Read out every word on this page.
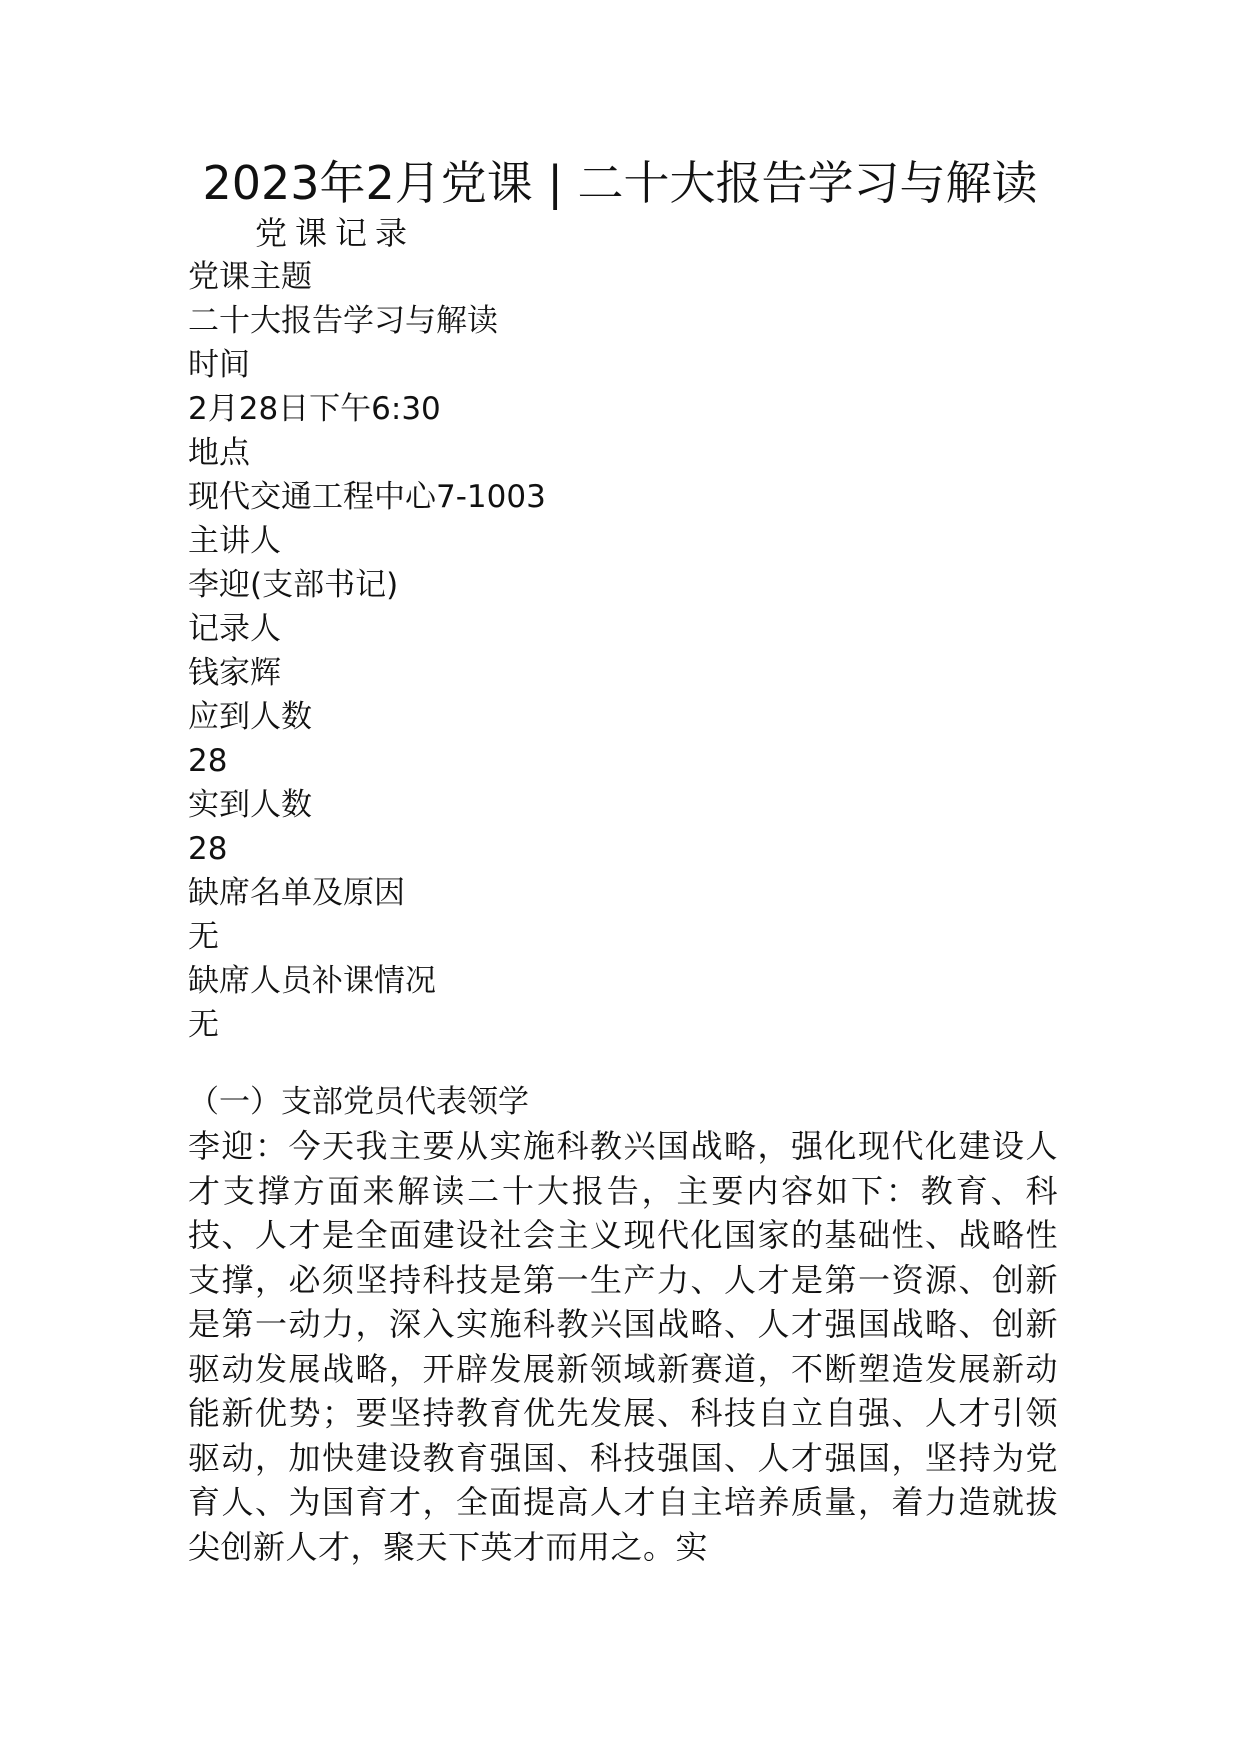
2023年2月党课 | 二十大报告学习与解读
党课记录
党课主题
二十大报告学习与解读
时间
2月28日下午6:30
地点
现代交通工程中心7-1003
主讲人
李迎(支部书记)
记录人
钱家辉
应到人数
28
实到人数
28
缺席名单及原因
无
缺席人员补课情况
无
（一）支部党员代表领学
李迎：今天我主要从实施科教兴国战略，强化现代化建设人才支撑方面来解读二十大报告，主要内容如下：教育、科技、人才是全面建设社会主义现代化国家的基础性、战略性支撑，必须坚持科技是第一生产力、人才是第一资源、创新是第一动力，深入实施科教兴国战略、人才强国战略、创新驱动发展战略，开辟发展新领域新赛道，不断塑造发展新动能新优势；要坚持教育优先发展、科技自立自强、人才引领驱动，加快建设教育强国、科技强国、人才强国，坚持为党育人、为国育才，全面提高人才自主培养质量，着力造就拔尖创新人才，聚天下英才而用之。实
